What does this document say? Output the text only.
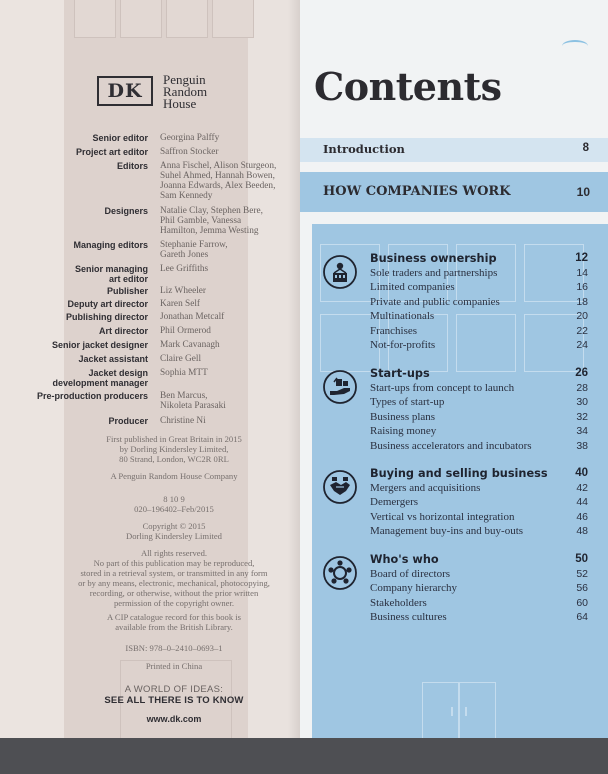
DK
Penguin
Random
House
Senior editor Georgina Palffy
Project art editor Saffron Stocker
Editors Anna Fischel, Alison Sturgeon,
Suhel Ahmed, Hannah Bowen,
Joanna Edwards, Alex Beeden,
Sam Kennedy
Designers Natalie Clay, Stephen Bere,
Phil Gamble, Vanessa
Hamilton, Jemma Westing
Managing editors Stephanie Farrow,
Gareth Jones
Senior managing
art editor
Lee Griffiths
Publisher Liz Wheeler
Deputy art director Karen Self
Publishing director Jonathan Metcalf
Art director Phil Ormerod
Senior jacket designer Mark Cavanagh
Jacket assistant Claire Gell
Jacket design
development manager
Sophia MTT
Pre-production producers Ben Marcus,
Nikoleta Parasaki
Producer Christine Ni
First published in Great Britain in 2015
by Dorling Kindersley Limited,
80 Strand, London, WC2R 0RL
A Penguin Random House Company
8 10 9
020–196402–Feb/2015
Copyright © 2015
Dorling Kindersley Limited
All rights reserved.
No part of this publication may be reproduced,
stored in a retrieval system, or transmitted in any form
or by any means, electronic, mechanical, photocopying,
recording, or otherwise, without the prior written
permission of the copyright owner.
A CIP catalogue record for this book is
available from the British Library.
ISBN: 978–0–2410–0693–1
Printed in China
A WORLD OF IDEAS:
SEE ALL THERE IS TO KNOW
www.dk.com
Contents
Introduction	8
HOW COMPANIES WORK	10
Business ownership	12
Sole traders and partnerships	14
Limited companies	16
Private and public companies	18
Multinationals	20
Franchises	22
Not-for-profits	24
Start-ups	26
Start-ups from concept to launch	28
Types of start-up	30
Business plans	32
Raising money	34
Business accelerators and incubators	38
Buying and selling business 40
Mergers and acquisitions	42
Demergers	44
Vertical vs horizontal integration	46
Management buy-ins and buy-outs	48
Who's who	50
Board of directors	52
Company hierarchy	56
Stakeholders	60
Business cultures	64
